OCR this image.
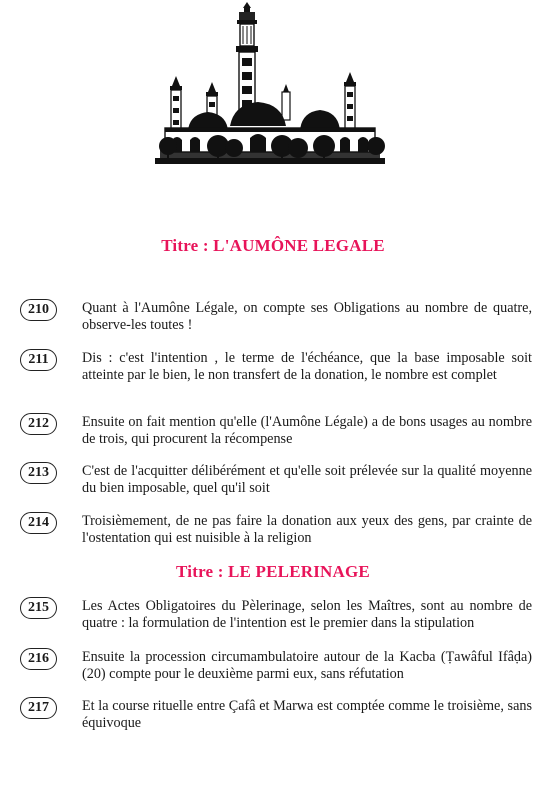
Titre : L'AUMÔNE LEGALE
210	Quant à l'Aumône Légale, on compte ses Obligations au nombre de quatre, observe-les toutes !
211	Dis : c'est l'intention , le terme de l'échéance, que la base imposable soit atteinte par le bien, le non transfert de la donation, le nombre est complet
212	Ensuite on fait mention qu'elle (l'Aumône Légale) a de bons usages au nombre de trois, qui procurent la récompense
213	C'est de l'acquitter délibérément et qu'elle soit prélevée sur la qualité moyenne du bien imposable, quel qu'il soit
214	Troisièmement, de ne pas faire la donation aux yeux des gens, par crainte de l'ostentation qui est nuisible à la religion
Titre : LE PELERINAGE
215	Les Actes Obligatoires du Pèlerinage, selon les Maîtres, sont au nombre de quatre : la formulation de l'intention est le premier dans la stipulation
216	Ensuite la procession circumambulatoire autour de la Kacba (Ṭawâful Ifâḍa)(20) compte pour le deuxième parmi eux, sans réfutation
217	Et la course rituelle entre Çafâ et Marwa est comptée comme le troisième, sans équivoque
